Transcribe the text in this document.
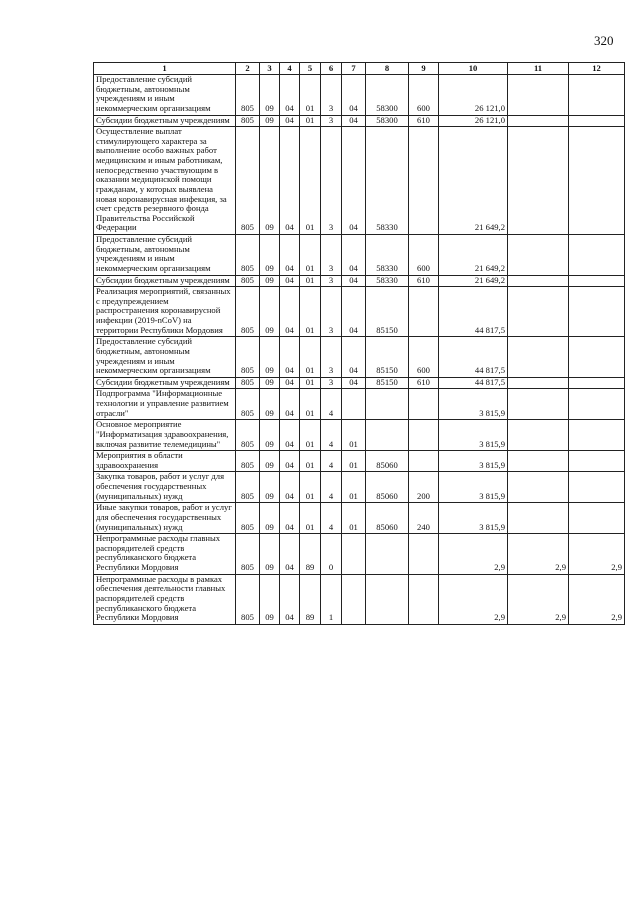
320
1	2	3	4	5	6	7	8	9	10	11	12
Предоставление субсидий бюджетным, автономным учреждениям и иным некоммерческим организациям	805	09	04	01	3	04	58300	600	26 121,0		
Субсидии бюджетным учреждениям	805	09	04	01	3	04	58300	610	26 121,0		
Осуществление выплат стимулирующего характера за выполнение особо важных работ медицинским и иным работникам, непосредственно участвующим в оказании медицинской помощи гражданам, у которых выявлена новая коронавирусная инфекция, за счет средств резервного фонда Правительства Российской Федерации	805	09	04	01	3	04	58330		21 649,2		
Предоставление субсидий бюджетным, автономным учреждениям и иным некоммерческим организациям	805	09	04	01	3	04	58330	600	21 649,2		
Субсидии бюджетным учреждениям	805	09	04	01	3	04	58330	610	21 649,2		
Реализация мероприятий, связанных с предупреждением распространения коронавирусной инфекции (2019-nCoV) на территории Республики Мордовия	805	09	04	01	3	04	85150		44 817,5		
Предоставление субсидий бюджетным, автономным учреждениям и иным некоммерческим организациям	805	09	04	01	3	04	85150	600	44 817,5		
Субсидии бюджетным учреждениям	805	09	04	01	3	04	85150	610	44 817,5		
Подпрограмма "Информационные технологии и управление развитием отрасли"	805	09	04	01	4				3 815,9		
Основное мероприятие "Информатизация здравоохранения, включая развитие телемедицины"	805	09	04	01	4	01			3 815,9		
Мероприятия в области здравоохранения	805	09	04	01	4	01	85060		3 815,9		
Закупка товаров, работ и услуг для обеспечения государственных (муниципальных) нужд	805	09	04	01	4	01	85060	200	3 815,9		
Иные закупки товаров, работ и услуг для обеспечения государственных (муниципальных) нужд	805	09	04	01	4	01	85060	240	3 815,9		
Непрограммные расходы главных распорядителей средств республиканского бюджета Республики Мордовия	805	09	04	89	0				2,9	2,9	2,9
Непрограммные расходы в рамках обеспечения деятельности главных распорядителей средств республиканского бюджета Республики Мордовия	805	09	04	89	1				2,9	2,9	2,9
